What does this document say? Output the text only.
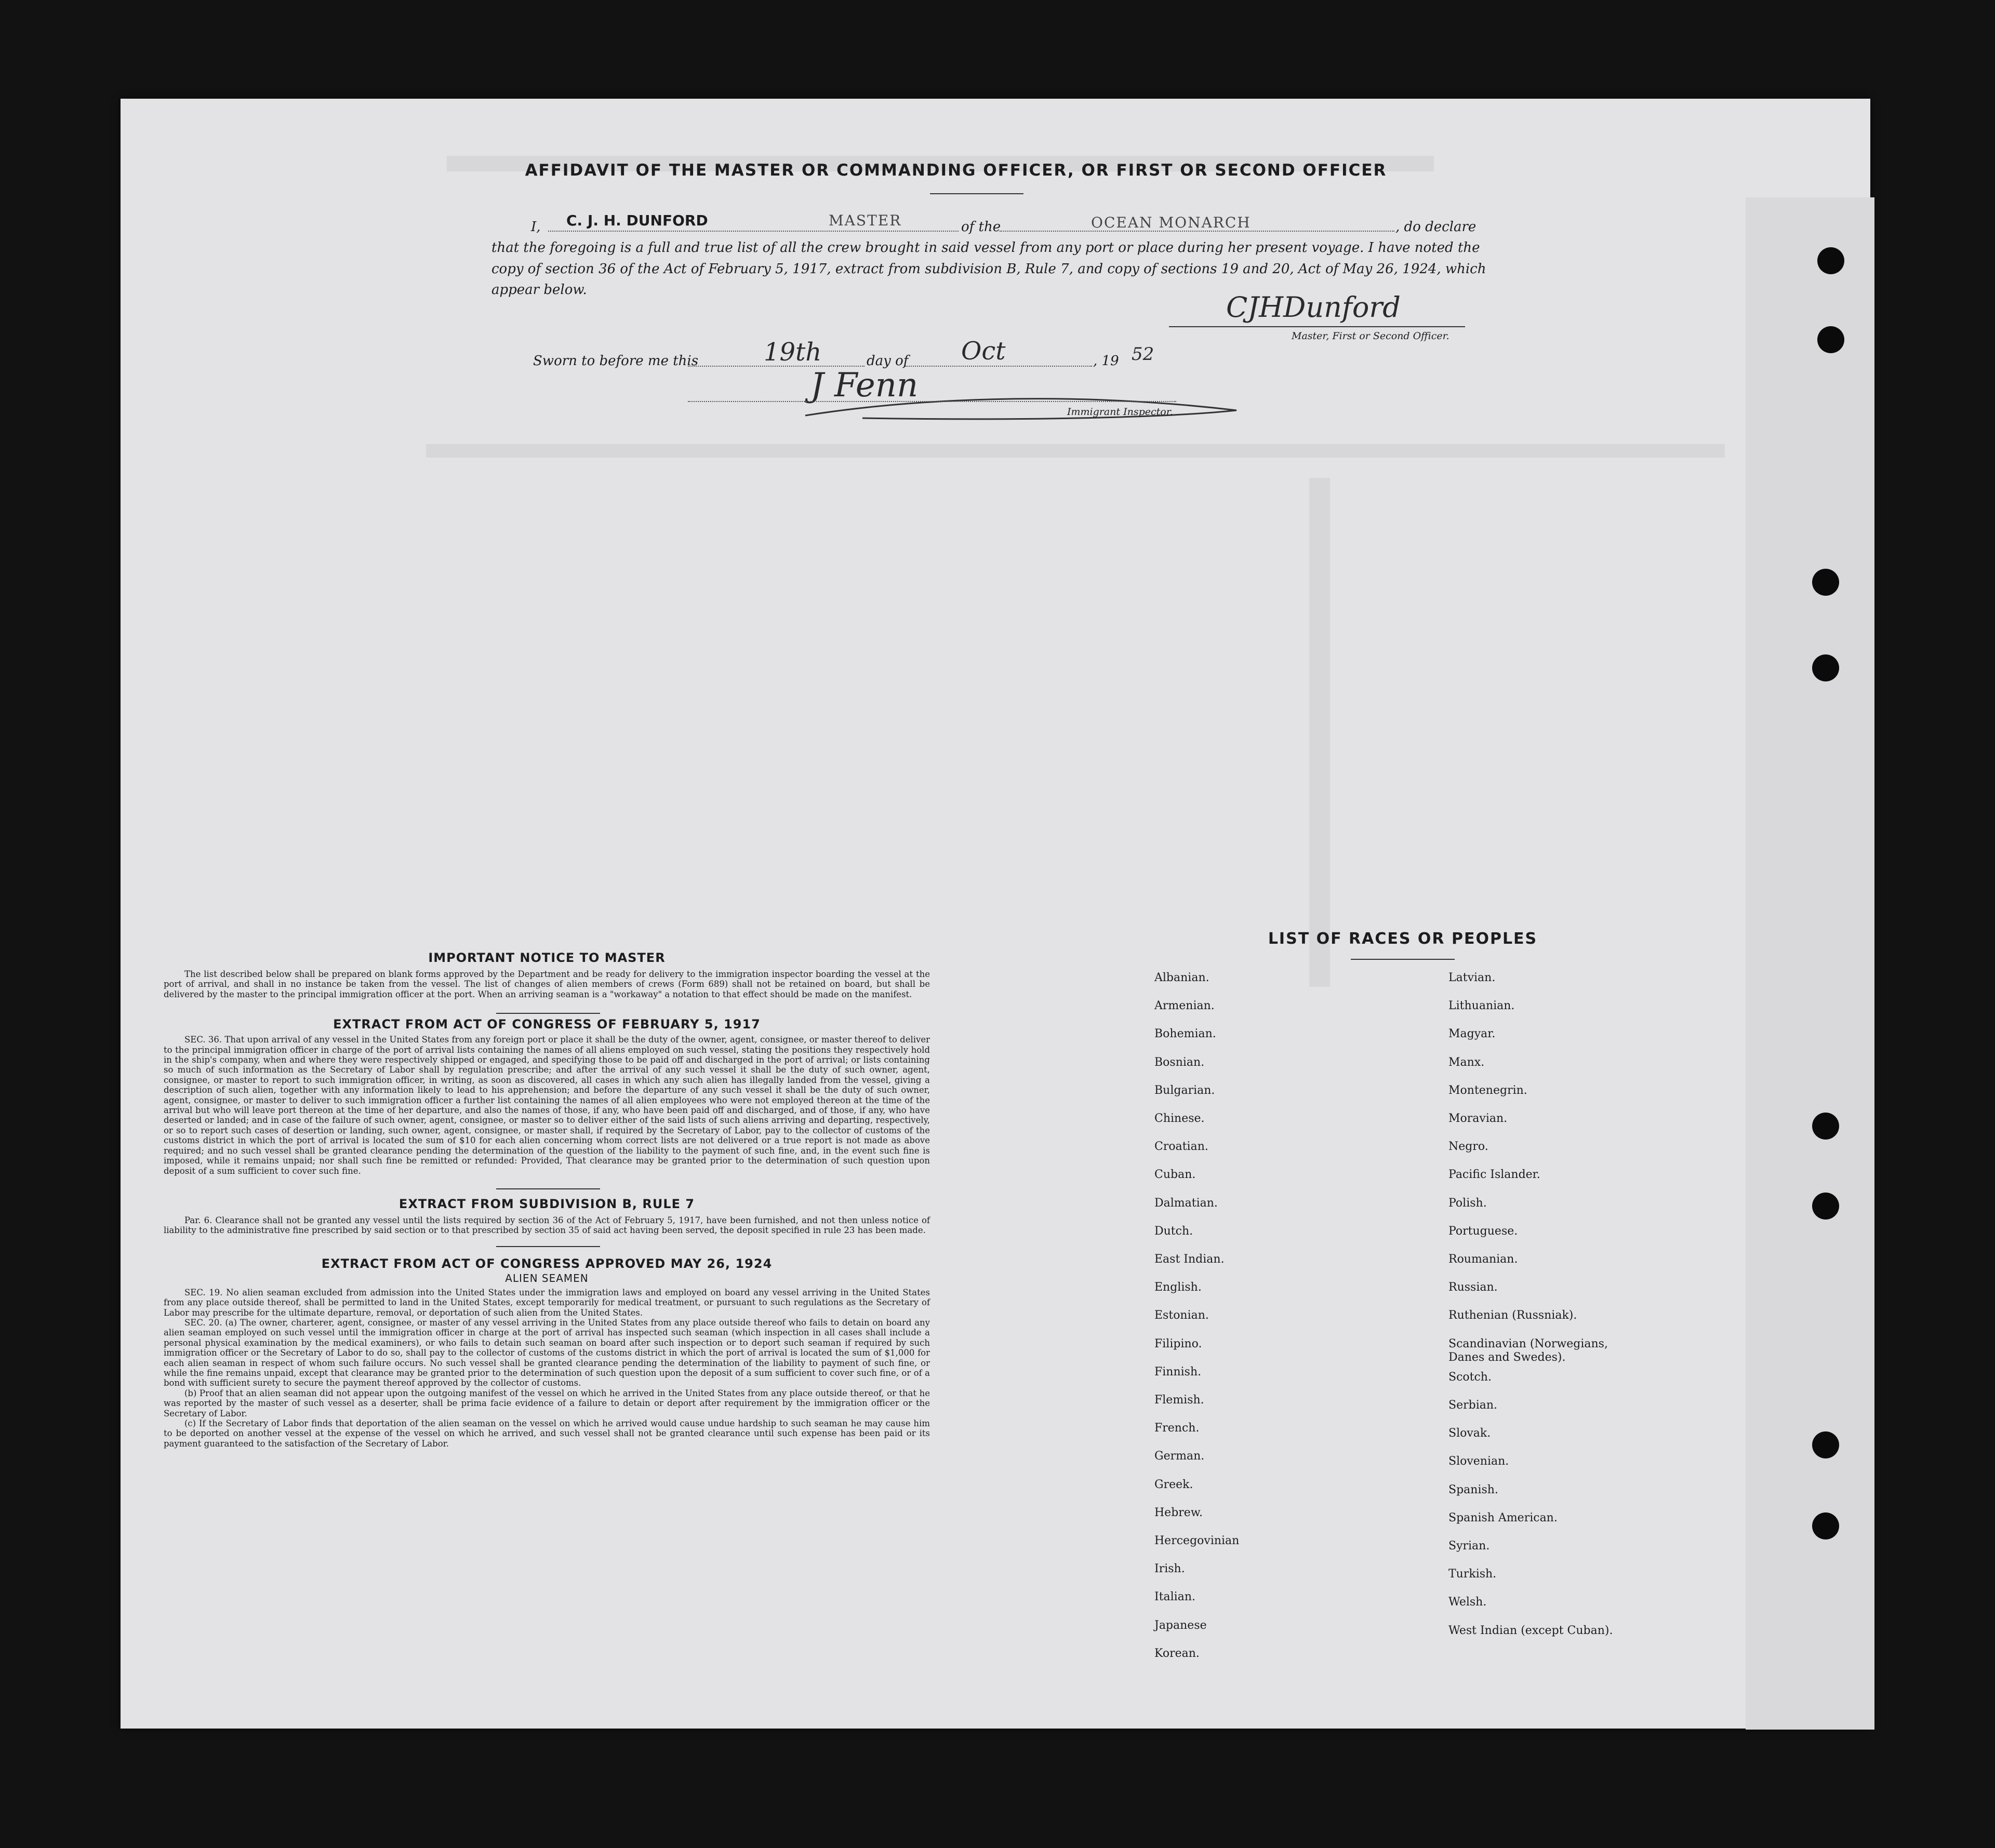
AFFIDAVIT OF THE MASTER OR COMMANDING OFFICER, OR FIRST OR SECOND OFFICER
I, C. J. H. DUNFORD	MASTER	of the	OCEAN MONARCH	, do declare
that the foregoing is a full and true list of all the crew brought in said vessel from any port or place during her present voyage. I have noted the
copy of section 36 of the Act of February 5, 1917, extract from subdivision B, Rule 7, and copy of sections 19 and 20, Act of May 26, 1924, which
appear below.
CJHDunford
Master, First or Second Officer.
Sworn to before me this	19th	day of Oct	, 19 52
J Fenn
Immigrant Inspector.
IMPORTANT NOTICE TO MASTER
The list described below shall be prepared on blank forms approved by the Department and be ready for delivery to the immigration inspector boarding the vessel at the port of arrival, and shall in no instance be taken from the vessel. The list of changes of alien members of crews (Form 689) shall not be retained on board, but shall be delivered by the master to the principal immigration officer at the port. When an arriving seaman is a "workaway" a notation to that effect should be made on the manifest.
EXTRACT FROM ACT OF CONGRESS OF FEBRUARY 5, 1917
SEC. 36. That upon arrival of any vessel in the United States from any foreign port or place it shall be the duty of the owner, agent, consignee, or master thereof to deliver to the principal immigration officer in charge of the port of arrival lists containing the names of all aliens employed on such vessel, stating the positions they respectively hold in the ship's company, when and where they were respectively shipped or engaged, and specifying those to be paid off and discharged in the port of arrival; or lists containing so much of such information as the Secretary of Labor shall by regulation prescribe; and after the arrival of any such vessel it shall be the duty of such owner, agent, consignee, or master to report to such immigration officer, in writing, as soon as discovered, all cases in which any such alien has illegally landed from the vessel, giving a description of such alien, together with any information likely to lead to his apprehension; and before the departure of any such vessel it shall be the duty of such owner, agent, consignee, or master to deliver to such immigration officer a further list containing the names of all alien employees who were not employed thereon at the time of the arrival but who will leave port thereon at the time of her departure, and also the names of those, if any, who have been paid off and discharged, and of those, if any, who have deserted or landed; and in case of the failure of such owner, agent, consignee, or master so to deliver either of the said lists of such aliens arriving and departing, respectively, or so to report such cases of desertion or landing, such owner, agent, consignee, or master shall, if required by the Secretary of Labor, pay to the collector of customs of the customs district in which the port of arrival is located the sum of $10 for each alien concerning whom correct lists are not delivered or a true report is not made as above required; and no such vessel shall be granted clearance pending the determination of the question of the liability to the payment of such fine, and, in the event such fine is imposed, while it remains unpaid; nor shall such fine be remitted or refunded: Provided, That clearance may be granted prior to the determination of such question upon deposit of a sum sufficient to cover such fine.
EXTRACT FROM SUBDIVISION B, RULE 7
Par. 6. Clearance shall not be granted any vessel until the lists required by section 36 of the Act of February 5, 1917, have been furnished, and not then unless notice of liability to the administrative fine prescribed by said section or to that prescribed by section 35 of said act having been served, the deposit specified in rule 23 has been made.
EXTRACT FROM ACT OF CONGRESS APPROVED MAY 26, 1924
ALIEN SEAMEN
SEC. 19. No alien seaman excluded from admission into the United States under the immigration laws and employed on board any vessel arriving in the United States from any place outside thereof, shall be permitted to land in the United States, except temporarily for medical treatment, or pursuant to such regulations as the Secretary of Labor may prescribe for the ultimate departure, removal, or deportation of such alien from the United States.
SEC. 20. (a) The owner, charterer, agent, consignee, or master of any vessel arriving in the United States from any place outside thereof who fails to detain on board any alien seaman employed on such vessel until the immigration officer in charge at the port of arrival has inspected such seaman (which inspection in all cases shall include a personal physical examination by the medical examiners), or who fails to detain such seaman on board after such inspection or to deport such seaman if required by such immigration officer or the Secretary of Labor to do so, shall pay to the collector of customs of the customs district in which the port of arrival is located the sum of $1,000 for each alien seaman in respect of whom such failure occurs. No such vessel shall be granted clearance pending the determination of the liability to payment of such fine, or while the fine remains unpaid, except that clearance may be granted prior to the determination of such question upon the deposit of a sum sufficient to cover such fine, or of a bond with sufficient surety to secure the payment thereof approved by the collector of customs.
(b) Proof that an alien seaman did not appear upon the outgoing manifest of the vessel on which he arrived in the United States from any place outside thereof, or that he was reported by the master of such vessel as a deserter, shall be prima facie evidence of a failure to detain or deport after requirement by the immigration officer or the Secretary of Labor.
(c) If the Secretary of Labor finds that deportation of the alien seaman on the vessel on which he arrived would cause undue hardship to such seaman he may cause him to be deported on another vessel at the expense of the vessel on which he arrived, and such vessel shall not be granted clearance until such expense has been paid or its payment guaranteed to the satisfaction of the Secretary of Labor.
LIST OF RACES OR PEOPLES
Albanian.
Armenian.
Bohemian.
Bosnian.
Bulgarian.
Chinese.
Croatian.
Cuban.
Dalmatian.
Dutch.
East Indian.
English.
Estonian.
Filipino.
Finnish.
Flemish.
French.
German.
Greek.
Hebrew.
Hercegovinian
Irish.
Italian.
Japanese
Korean.
Latvian.
Lithuanian.
Magyar.
Manx.
Montenegrin.
Moravian.
Negro.
Pacific Islander.
Polish.
Portuguese.
Roumanian.
Russian.
Ruthenian (Russniak).
Scandinavian (Norwegians,
Danes and Swedes).
Scotch.
Serbian.
Slovak.
Slovenian.
Spanish.
Spanish American.
Syrian.
Turkish.
Welsh.
West Indian (except Cuban).
